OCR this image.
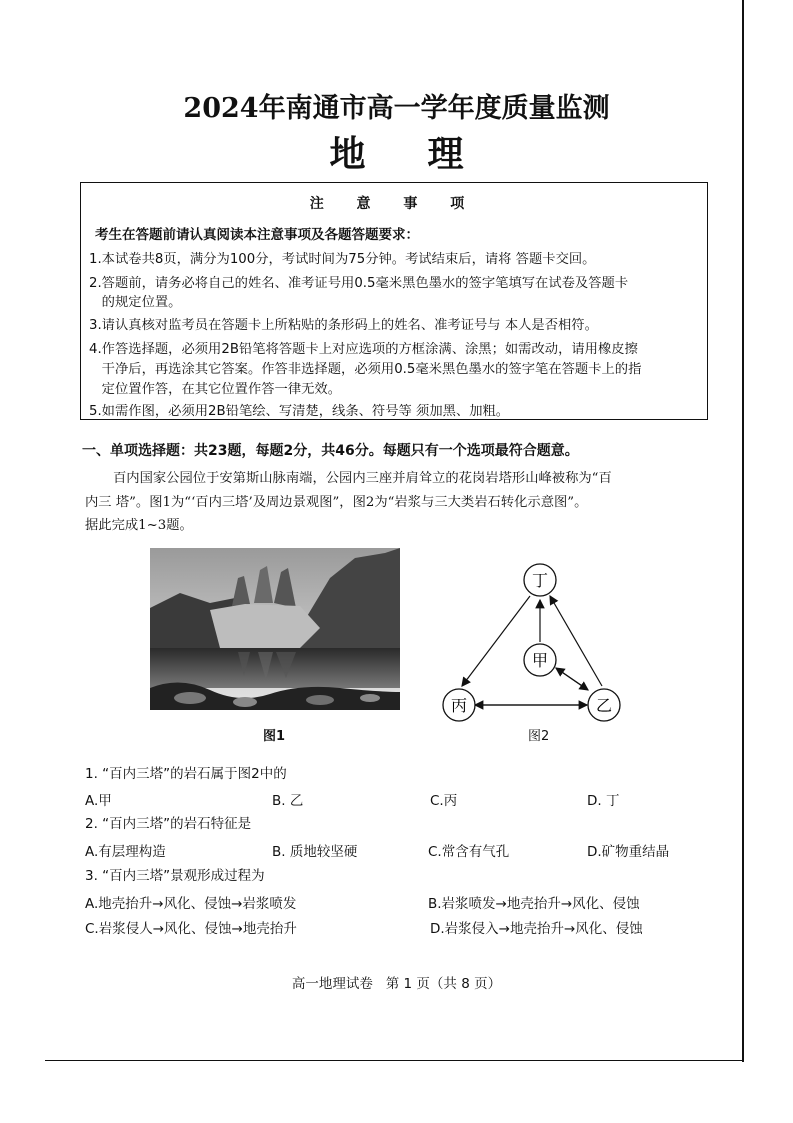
2024年南通市高一学年度质量监测
地 理
注 意 事 项
考生在答题前请认真阅读本注意事项及各题答题要求：
1.本试卷共8页，满分为100分，考试时间为75分钟。考试结束后，请将 答题卡交回。
2.答题前，请务必将自己的姓名、准考证号用0.5毫米黑色墨水的签字笔填写在试卷及答题卡
的规定位置。
3.请认真核对监考员在答题卡上所粘贴的条形码上的姓名、准考证号与 本人是否相符。
4.作答选择题，必须用2B铅笔将答题卡上对应选项的方框涂满、涂黑；如需改动，请用橡皮擦
干净后，再选涂其它答案。作答非选择题，必须用0.5毫米黑色墨水的签字笔在答题卡上的指
定位置作答，在其它位置作答一律无效。
5.如需作图，必须用2B铅笔绘、写清楚，线条、符号等 须加黑、加粗。
一、单项选择题：共23题，每题2分，共46分。每题只有一个选项最符合题意。
百内国家公园位于安第斯山脉南端，公园内三座并肩耸立的花岗岩塔形山峰被称为“百
内三 塔”。图1为“‘百内三塔’及周边景观图”，图2为“岩浆与三大类岩石转化示意图”。
据此完成1~3题。
丁
甲
丙	乙
图1	图2
1. “百内三塔”的岩石属于图2中的
A.甲	B. 乙	C.丙	D. 丁
2. “百内三塔”的岩石特征是
A.有层理构造	B. 质地较坚硬	C.常含有气孔	D.矿物重结晶
3. “百内三塔”景观形成过程为
A.地壳抬升→风化、侵蚀→岩浆喷发	B.岩浆喷发→地壳抬升→风化、侵蚀
C.岩浆侵人→风化、侵蚀→地壳抬升	D.岩浆侵入→地壳抬升→风化、侵蚀
高一地理试卷   第 1 页（共 8 页）
